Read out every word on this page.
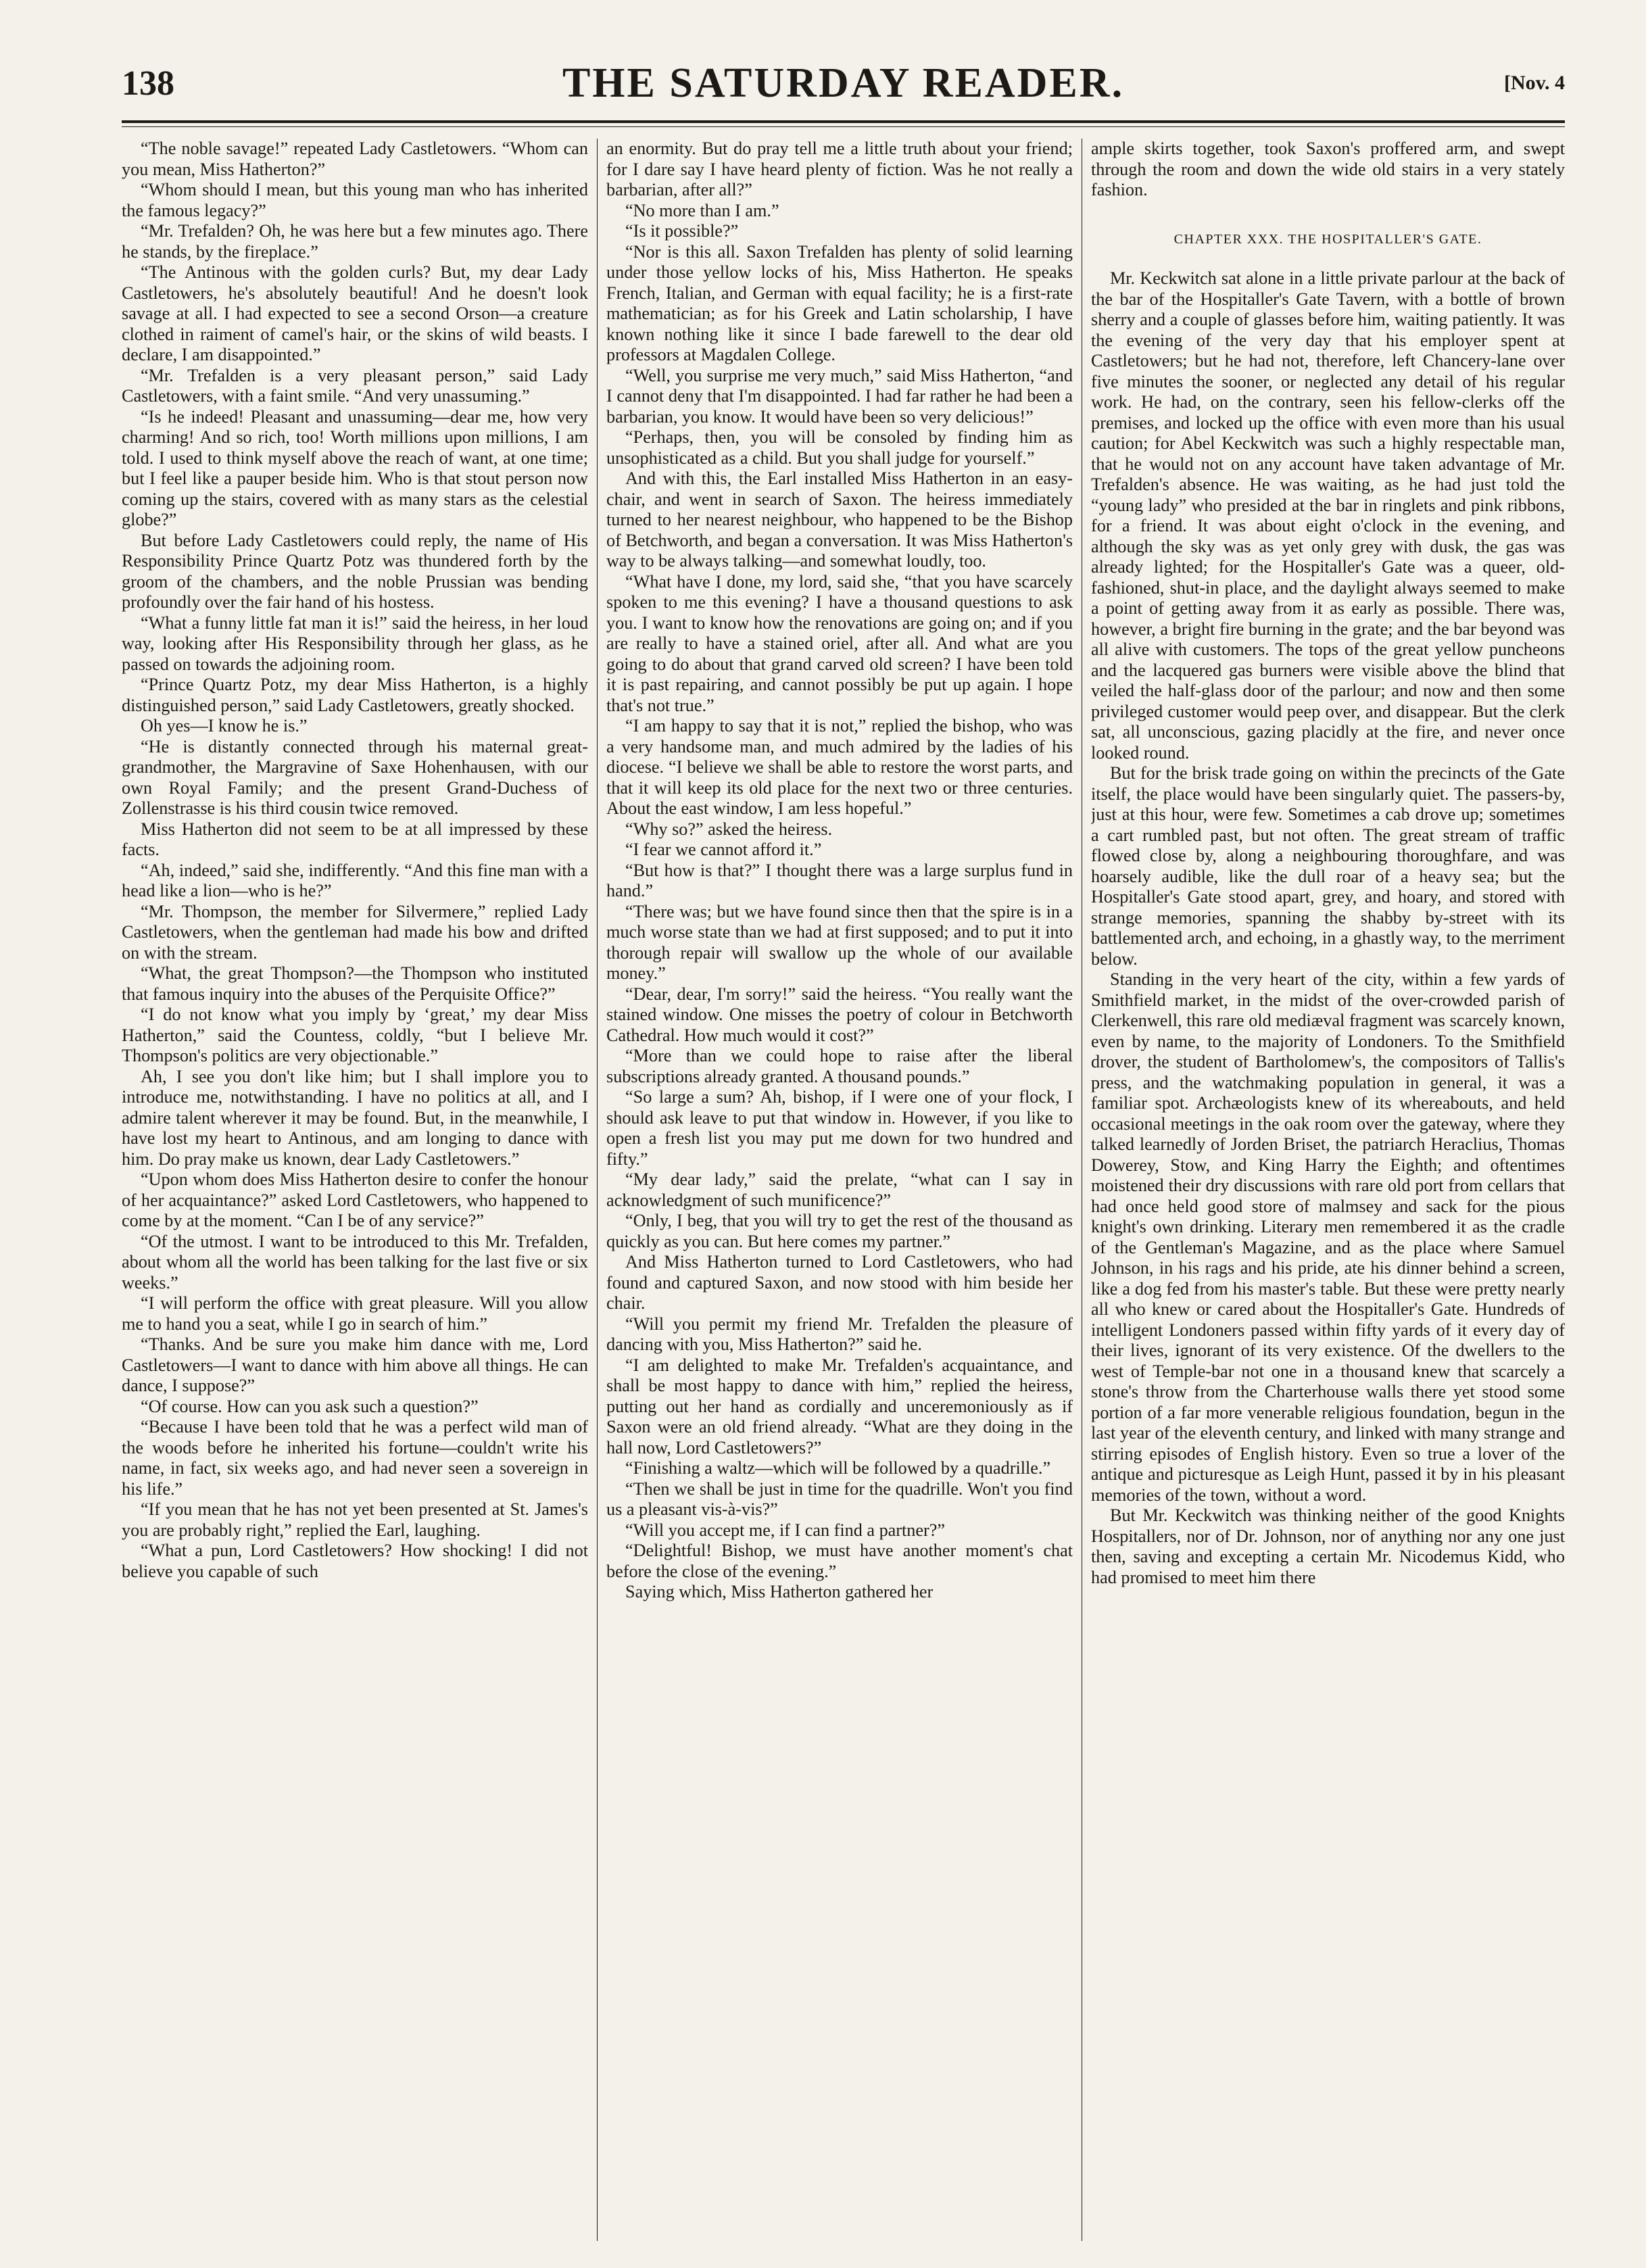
138	THE SATURDAY READER.	[Nov. 4

“The noble savage!” repeated Lady Castletowers. “Whom can you mean, Miss Hatherton?”

“Whom should I mean, but this young man who has inherited the famous legacy?”

“Mr. Trefalden? Oh, he was here but a few minutes ago. There he stands, by the fireplace.”

“The Antinous with the golden curls? But, my dear Lady Castletowers, he's absolutely beautiful! And he doesn't look savage at all. I had expected to see a second Orson—a creature clothed in raiment of camel's hair, or the skins of wild beasts. I declare, I am disappointed.”

“Mr. Trefalden is a very pleasant person,” said Lady Castletowers, with a faint smile. “And very unassuming.”

“Is he indeed! Pleasant and unassuming—dear me, how very charming! And so rich, too! Worth millions upon millions, I am told. I used to think myself above the reach of want, at one time; but I feel like a pauper beside him. Who is that stout person now coming up the stairs, covered with as many stars as the celestial globe?”

But before Lady Castletowers could reply, the name of His Responsibility Prince Quartz Potz was thundered forth by the groom of the chambers, and the noble Prussian was bending profoundly over the fair hand of his hostess.

“What a funny little fat man it is!” said the heiress, in her loud way, looking after His Responsibility through her glass, as he passed on towards the adjoining room.

“Prince Quartz Potz, my dear Miss Hatherton, is a highly distinguished person,” said Lady Castletowers, greatly shocked.

Oh yes—I know he is.”

“He is distantly connected through his maternal great-grandmother, the Margravine of Saxe Hohenhausen, with our own Royal Family; and the present Grand-Duchess of Zollenstrasse is his third cousin twice removed.

Miss Hatherton did not seem to be at all impressed by these facts.

“Ah, indeed,” said she, indifferently. “And this fine man with a head like a lion—who is he?”

“Mr. Thompson, the member for Silvermere,” replied Lady Castletowers, when the gentleman had made his bow and drifted on with the stream.

“What, the great Thompson?—the Thompson who instituted that famous inquiry into the abuses of the Perquisite Office?”

“I do not know what you imply by ‘great,’ my dear Miss Hatherton,” said the Countess, coldly, “but I believe Mr. Thompson's politics are very objectionable.”

Ah, I see you don't like him; but I shall implore you to introduce me, notwithstanding. I have no politics at all, and I admire talent wherever it may be found. But, in the meanwhile, I have lost my heart to Antinous, and am longing to dance with him. Do pray make us known, dear Lady Castletowers.”

“Upon whom does Miss Hatherton desire to confer the honour of her acquaintance?” asked Lord Castletowers, who happened to come by at the moment. “Can I be of any service?”

“Of the utmost. I want to be introduced to this Mr. Trefalden, about whom all the world has been talking for the last five or six weeks.”

“I will perform the office with great pleasure. Will you allow me to hand you a seat, while I go in search of him.”

“Thanks. And be sure you make him dance with me, Lord Castletowers—I want to dance with him above all things. He can dance, I suppose?”

“Of course. How can you ask such a question?”

“Because I have been told that he was a perfect wild man of the woods before he inherited his fortune—couldn't write his name, in fact, six weeks ago, and had never seen a sovereign in his life.”

“If you mean that he has not yet been presented at St. James's you are probably right,” replied the Earl, laughing.

“What a pun, Lord Castletowers? How shocking! I did not believe you capable of such

an enormity. But do pray tell me a little truth about your friend; for I dare say I have heard plenty of fiction. Was he not really a barbarian, after all?”

“No more than I am.”

“Is it possible?”

“Nor is this all. Saxon Trefalden has plenty of solid learning under those yellow locks of his, Miss Hatherton. He speaks French, Italian, and German with equal facility; he is a first-rate mathematician; as for his Greek and Latin scholarship, I have known nothing like it since I bade farewell to the dear old professors at Magdalen College.

“Well, you surprise me very much,” said Miss Hatherton, “and I cannot deny that I'm disappointed. I had far rather he had been a barbarian, you know. It would have been so very delicious!”

“Perhaps, then, you will be consoled by finding him as unsophisticated as a child. But you shall judge for yourself.”

And with this, the Earl installed Miss Hatherton in an easy-chair, and went in search of Saxon. The heiress immediately turned to her nearest neighbour, who happened to be the Bishop of Betchworth, and began a conversation. It was Miss Hatherton's way to be always talking—and somewhat loudly, too.

“What have I done, my lord, said she, “that you have scarcely spoken to me this evening? I have a thousand questions to ask you. I want to know how the renovations are going on; and if you are really to have a stained oriel, after all. And what are you going to do about that grand carved old screen? I have been told it is past repairing, and cannot possibly be put up again. I hope that's not true.”

“I am happy to say that it is not,” replied the bishop, who was a very handsome man, and much admired by the ladies of his diocese. “I believe we shall be able to restore the worst parts, and that it will keep its old place for the next two or three centuries. About the east window, I am less hopeful.”

“Why so?” asked the heiress.

“I fear we cannot afford it.”

“But how is that?” I thought there was a large surplus fund in hand.”

“There was; but we have found since then that the spire is in a much worse state than we had at first supposed; and to put it into thorough repair will swallow up the whole of our available money.”

“Dear, dear, I'm sorry!” said the heiress. “You really want the stained window. One misses the poetry of colour in Betchworth Cathedral. How much would it cost?”

“More than we could hope to raise after the liberal subscriptions already granted. A thousand pounds.”

“So large a sum? Ah, bishop, if I were one of your flock, I should ask leave to put that window in. However, if you like to open a fresh list you may put me down for two hundred and fifty.”

“My dear lady,” said the prelate, “what can I say in acknowledgment of such munificence?”

“Only, I beg, that you will try to get the rest of the thousand as quickly as you can. But here comes my partner.”

And Miss Hatherton turned to Lord Castletowers, who had found and captured Saxon, and now stood with him beside her chair.

“Will you permit my friend Mr. Trefalden the pleasure of dancing with you, Miss Hatherton?” said he.

“I am delighted to make Mr. Trefalden's acquaintance, and shall be most happy to dance with him,” replied the heiress, putting out her hand as cordially and unceremoniously as if Saxon were an old friend already. “What are they doing in the hall now, Lord Castletowers?”

“Finishing a waltz—which will be followed by a quadrille.”

“Then we shall be just in time for the quadrille. Won't you find us a pleasant vis-à-vis?”

“Will you accept me, if I can find a partner?”

“Delightful! Bishop, we must have another moment's chat before the close of the evening.”

Saying which, Miss Hatherton gathered her

ample skirts together, took Saxon's proffered arm, and swept through the room and down the wide old stairs in a very stately fashion.

CHAPTER XXX. THE HOSPITALLER'S GATE.

Mr. Keckwitch sat alone in a little private parlour at the back of the bar of the Hospitaller's Gate Tavern, with a bottle of brown sherry and a couple of glasses before him, waiting patiently. It was the evening of the very day that his employer spent at Castletowers; but he had not, therefore, left Chancery-lane over five minutes the sooner, or neglected any detail of his regular work. He had, on the contrary, seen his fellow-clerks off the premises, and locked up the office with even more than his usual caution; for Abel Keckwitch was such a highly respectable man, that he would not on any account have taken advantage of Mr. Trefalden's absence. He was waiting, as he had just told the “young lady” who presided at the bar in ringlets and pink ribbons, for a friend. It was about eight o'clock in the evening, and although the sky was as yet only grey with dusk, the gas was already lighted; for the Hospitaller's Gate was a queer, old-fashioned, shut-in place, and the daylight always seemed to make a point of getting away from it as early as possible. There was, however, a bright fire burning in the grate; and the bar beyond was all alive with customers. The tops of the great yellow puncheons and the lacquered gas burners were visible above the blind that veiled the half-glass door of the parlour; and now and then some privileged customer would peep over, and disappear. But the clerk sat, all unconscious, gazing placidly at the fire, and never once looked round.

But for the brisk trade going on within the precincts of the Gate itself, the place would have been singularly quiet. The passers-by, just at this hour, were few. Sometimes a cab drove up; sometimes a cart rumbled past, but not often. The great stream of traffic flowed close by, along a neighbouring thoroughfare, and was hoarsely audible, like the dull roar of a heavy sea; but the Hospitaller's Gate stood apart, grey, and hoary, and stored with strange memories, spanning the shabby by-street with its battlemented arch, and echoing, in a ghastly way, to the merriment below.

Standing in the very heart of the city, within a few yards of Smithfield market, in the midst of the over-crowded parish of Clerkenwell, this rare old mediæval fragment was scarcely known, even by name, to the majority of Londoners. To the Smithfield drover, the student of Bartholomew's, the compositors of Tallis's press, and the watchmaking population in general, it was a familiar spot. Archæologists knew of its whereabouts, and held occasional meetings in the oak room over the gateway, where they talked learnedly of Jorden Briset, the patriarch Heraclius, Thomas Dowerey, Stow, and King Harry the Eighth; and oftentimes moistened their dry discussions with rare old port from cellars that had once held good store of malmsey and sack for the pious knight's own drinking. Literary men remembered it as the cradle of the Gentleman's Magazine, and as the place where Samuel Johnson, in his rags and his pride, ate his dinner behind a screen, like a dog fed from his master's table. But these were pretty nearly all who knew or cared about the Hospitaller's Gate. Hundreds of intelligent Londoners passed within fifty yards of it every day of their lives, ignorant of its very existence. Of the dwellers to the west of Temple-bar not one in a thousand knew that scarcely a stone's throw from the Charterhouse walls there yet stood some portion of a far more venerable religious foundation, begun in the last year of the eleventh century, and linked with many strange and stirring episodes of English history. Even so true a lover of the antique and picturesque as Leigh Hunt, passed it by in his pleasant memories of the town, without a word.

But Mr. Keckwitch was thinking neither of the good Knights Hospitallers, nor of Dr. Johnson, nor of anything nor any one just then, saving and excepting a certain Mr. Nicodemus Kidd, who had promised to meet him there
